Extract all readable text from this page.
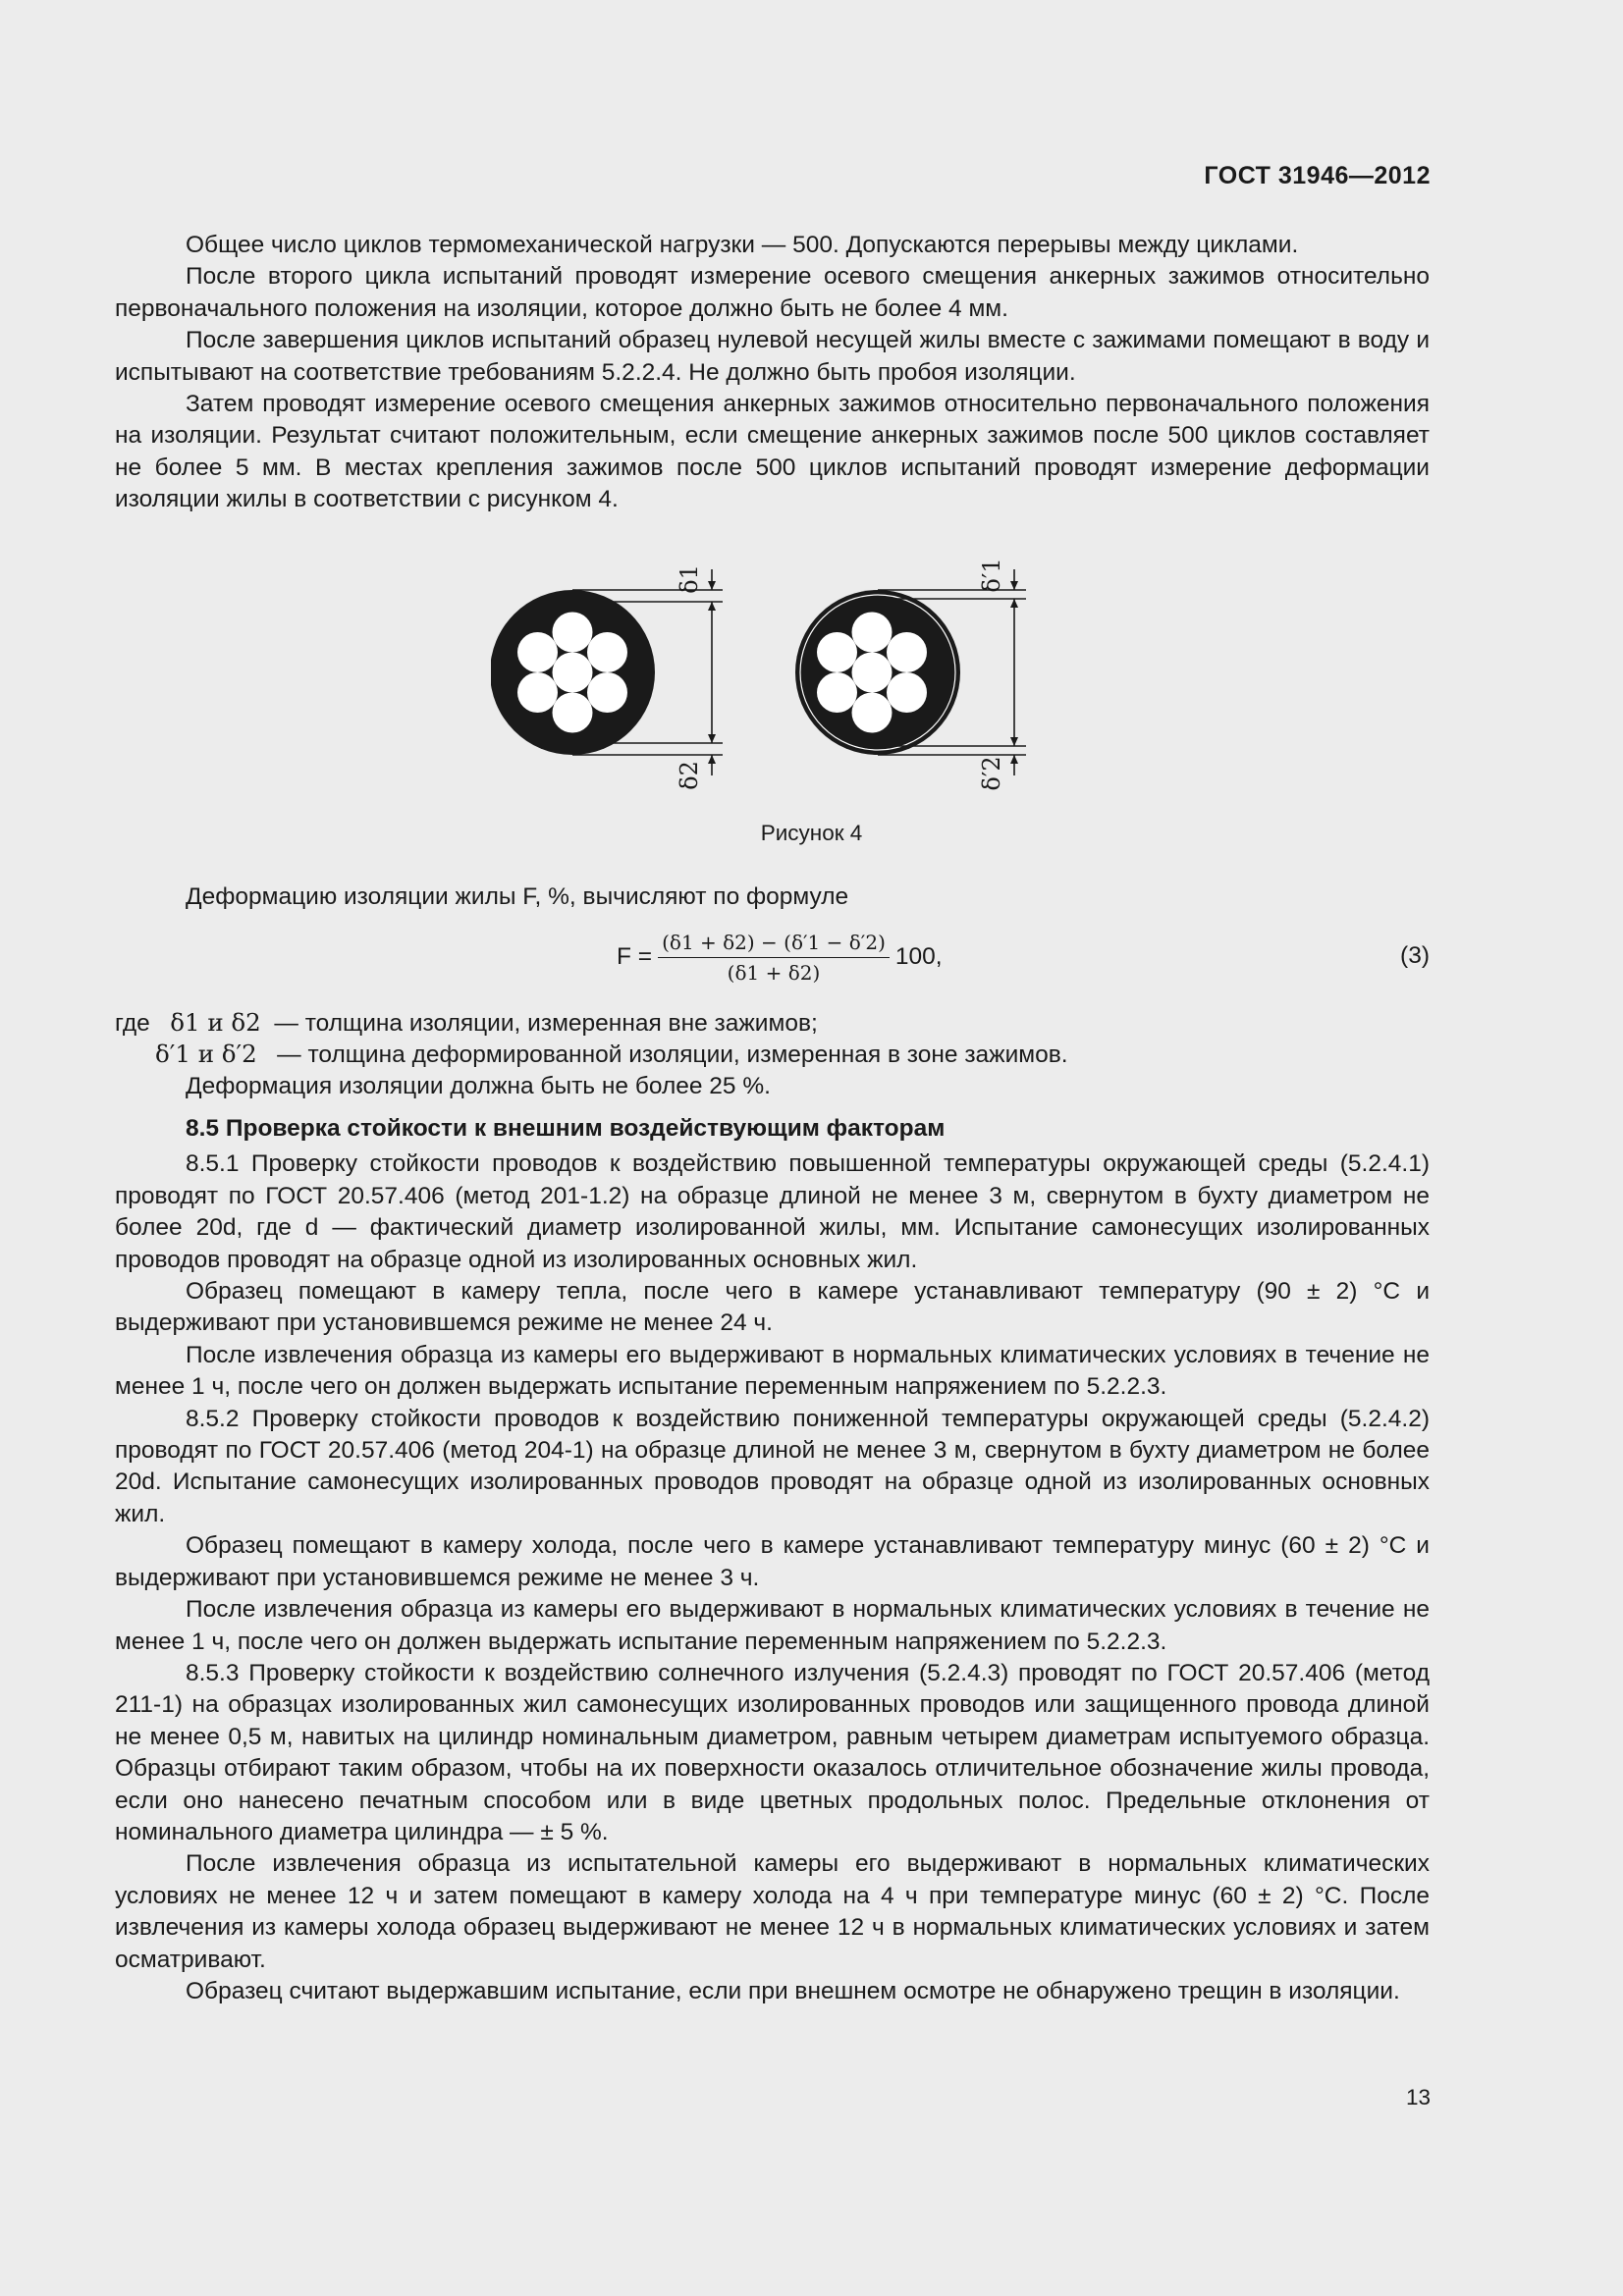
ГОСТ 31946—2012

Общее число циклов термомеханической нагрузки — 500. Допускаются перерывы между циклами.

После второго цикла испытаний проводят измерение осевого смещения анкерных зажимов относительно первоначального положения на изоляции, которое должно быть не более 4 мм.

После завершения циклов испытаний образец нулевой несущей жилы вместе с зажимами помещают в воду и испытывают на соответствие требованиям 5.2.2.4. Не должно быть пробоя изоляции.

Затем проводят измерение осевого смещения анкерных зажимов относительно первоначального положения на изоляции. Результат считают положительным, если смещение анкерных зажимов после 500 циклов составляет не более 5 мм. В местах крепления зажимов после 500 циклов испытаний проводят измерение деформации изоляции жилы в соответствии с рисунком 4.

δ1
δ2
δ′1
δ′2
Рисунок 4

Деформацию изоляции жилы F, %, вычисляют по формуле

$F = \frac{(\delta 1 + \delta 2) - (\delta'1 - \delta'2)}{(\delta 1 + \delta 2)} 100$,	(3)
где δ1 и δ2 — толщина изоляции, измеренная вне зажимов;
δ′1 и δ′2 — толщина деформированной изоляции, измеренная в зоне зажимов.
Деформация изоляции должна быть не более 25 %.

8.5 Проверка стойкости к внешним воздействующим факторам

8.5.1 Проверку стойкости проводов к воздействию повышенной температуры окружающей среды (5.2.4.1) проводят по ГОСТ 20.57.406 (метод 201-1.2) на образце длиной не менее 3 м, свернутом в бухту диаметром не более 20d, где d — фактический диаметр изолированной жилы, мм. Испытание самонесущих изолированных проводов проводят на образце одной из изолированных основных жил.

Образец помещают в камеру тепла, после чего в камере устанавливают температуру (90 ± 2) °С и выдерживают при установившемся режиме не менее 24 ч.

После извлечения образца из камеры его выдерживают в нормальных климатических условиях в течение не менее 1 ч, после чего он должен выдержать испытание переменным напряжением по 5.2.2.3.

8.5.2 Проверку стойкости проводов к воздействию пониженной температуры окружающей среды (5.2.4.2) проводят по ГОСТ 20.57.406 (метод 204-1) на образце длиной не менее 3 м, свернутом в бухту диаметром не более 20d. Испытание самонесущих изолированных проводов проводят на образце одной из изолированных основных жил.

Образец помещают в камеру холода, после чего в камере устанавливают температуру минус (60 ± 2) °С и выдерживают при установившемся режиме не менее 3 ч.

После извлечения образца из камеры его выдерживают в нормальных климатических условиях в течение не менее 1 ч, после чего он должен выдержать испытание переменным напряжением по 5.2.2.3.

8.5.3 Проверку стойкости к воздействию солнечного излучения (5.2.4.3) проводят по ГОСТ 20.57.406 (метод 211-1) на образцах изолированных жил самонесущих изолированных проводов или защищенного провода длиной не менее 0,5 м, навитых на цилиндр номинальным диаметром, равным четырем диаметрам испытуемого образца. Образцы отбирают таким образом, чтобы на их поверхности оказалось отличительное обозначение жилы провода, если оно нанесено печатным способом или в виде цветных продольных полос. Предельные отклонения от номинального диаметра цилиндра — ± 5 %.

После извлечения образца из испытательной камеры его выдерживают в нормальных климатических условиях не менее 12 ч и затем помещают в камеру холода на 4 ч при температуре минус (60 ± 2) °С. После извлечения из камеры холода образец выдерживают не менее 12 ч в нормальных климатических условиях и затем осматривают.

Образец считают выдержавшим испытание, если при внешнем осмотре не обнаружено трещин в изоляции.

13
